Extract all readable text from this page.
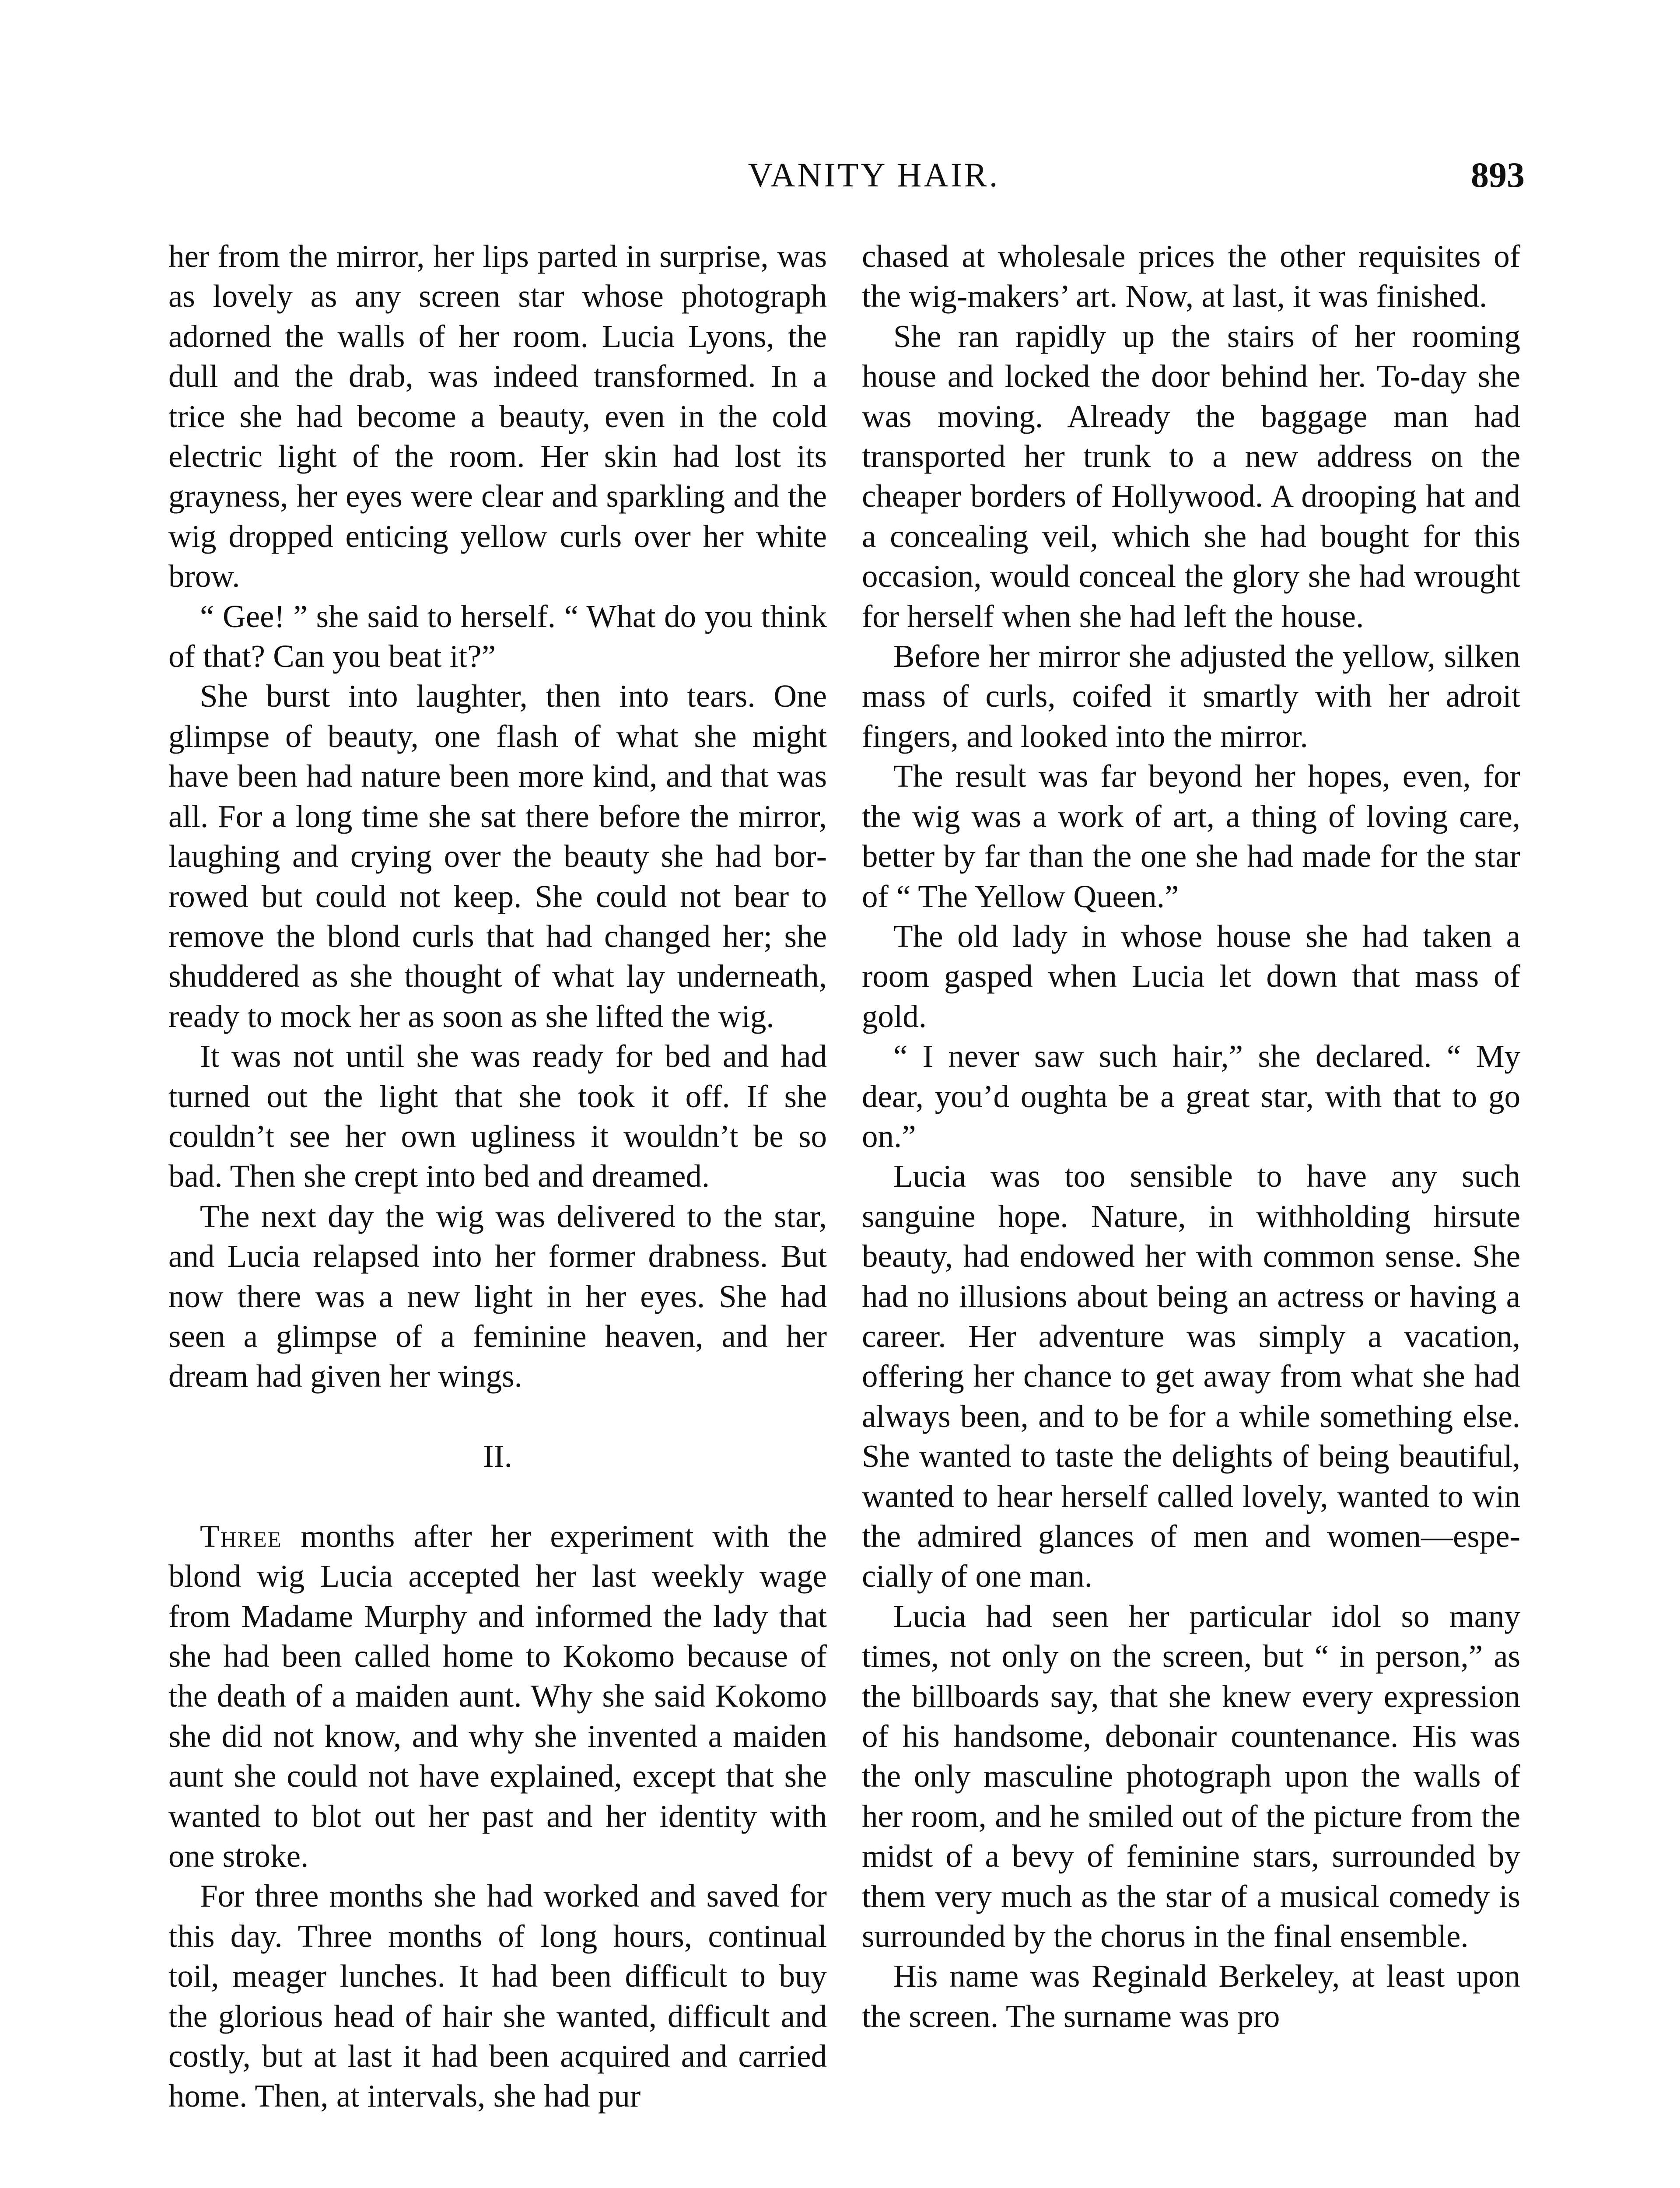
VANITY HAIR.	893

her from the mirror, her lips parted in surprise, was as lovely as any screen star whose photograph adorned the walls of her room. Lucia Lyons, the dull and the drab, was indeed transformed. In a trice she had become a beauty, even in the cold electric light of the room. Her skin had lost its grayness, her eyes were clear and sparkling and the wig dropped enticing yellow curls over her white brow.

“ Gee! ” she said to herself. “ What do you think of that? Can you beat it?”

She burst into laughter, then into tears. One glimpse of beauty, one flash of what she might have been had nature been more kind, and that was all. For a long time she sat there before the mirror, laughing and crying over the beauty she had borrowed but could not keep. She could not bear to remove the blond curls that had changed her; she shuddered as she thought of what lay underneath, ready to mock her as soon as she lifted the wig.

It was not until she was ready for bed and had turned out the light that she took it off. If she couldn’t see her own ugliness it wouldn’t be so bad. Then she crept into bed and dreamed.

The next day the wig was delivered to the star, and Lucia relapsed into her former drabness. But now there was a new light in her eyes. She had seen a glimpse of a feminine heaven, and her dream had given her wings.

II.

Three months after her experiment with the blond wig Lucia accepted her last weekly wage from Madame Murphy and informed the lady that she had been called home to Kokomo because of the death of a maiden aunt. Why she said Kokomo she did not know, and why she invented a maiden aunt she could not have explained, except that she wanted to blot out her past and her identity with one stroke.

For three months she had worked and saved for this day. Three months of long hours, continual toil, meager lunches. It had been difficult to buy the glorious head of hair she wanted, difficult and costly, but at last it had been acquired and carried home. Then, at intervals, she had pur

chased at wholesale prices the other requisites of the wig-makers’ art. Now, at last, it was finished.

She ran rapidly up the stairs of her rooming house and locked the door behind her. To-day she was moving. Already the baggage man had transported her trunk to a new address on the cheaper borders of Hollywood. A drooping hat and a concealing veil, which she had bought for this occasion, would conceal the glory she had wrought for herself when she had left the house.

Before her mirror she adjusted the yellow, silken mass of curls, coifed it smartly with her adroit fingers, and looked into the mirror.

The result was far beyond her hopes, even, for the wig was a work of art, a thing of loving care, better by far than the one she had made for the star of “ The Yellow Queen.”

The old lady in whose house she had taken a room gasped when Lucia let down that mass of gold.

“ I never saw such hair,” she declared. “ My dear, you’d oughta be a great star, with that to go on.”

Lucia was too sensible to have any such sanguine hope. Nature, in withholding hirsute beauty, had endowed her with common sense. She had no illusions about being an actress or having a career. Her adventure was simply a vacation, offering her chance to get away from what she had always been, and to be for a while something else. She wanted to taste the delights of being beautiful, wanted to hear herself called lovely, wanted to win the admired glances of men and women—especially of one man.

Lucia had seen her particular idol so many times, not only on the screen, but “ in person,” as the billboards say, that she knew every expression of his handsome, debonair countenance. His was the only masculine photograph upon the walls of her room, and he smiled out of the picture from the midst of a bevy of feminine stars, surrounded by them very much as the star of a musical comedy is surrounded by the chorus in the final ensemble.

His name was Reginald Berkeley, at least upon the screen. The surname was pro
